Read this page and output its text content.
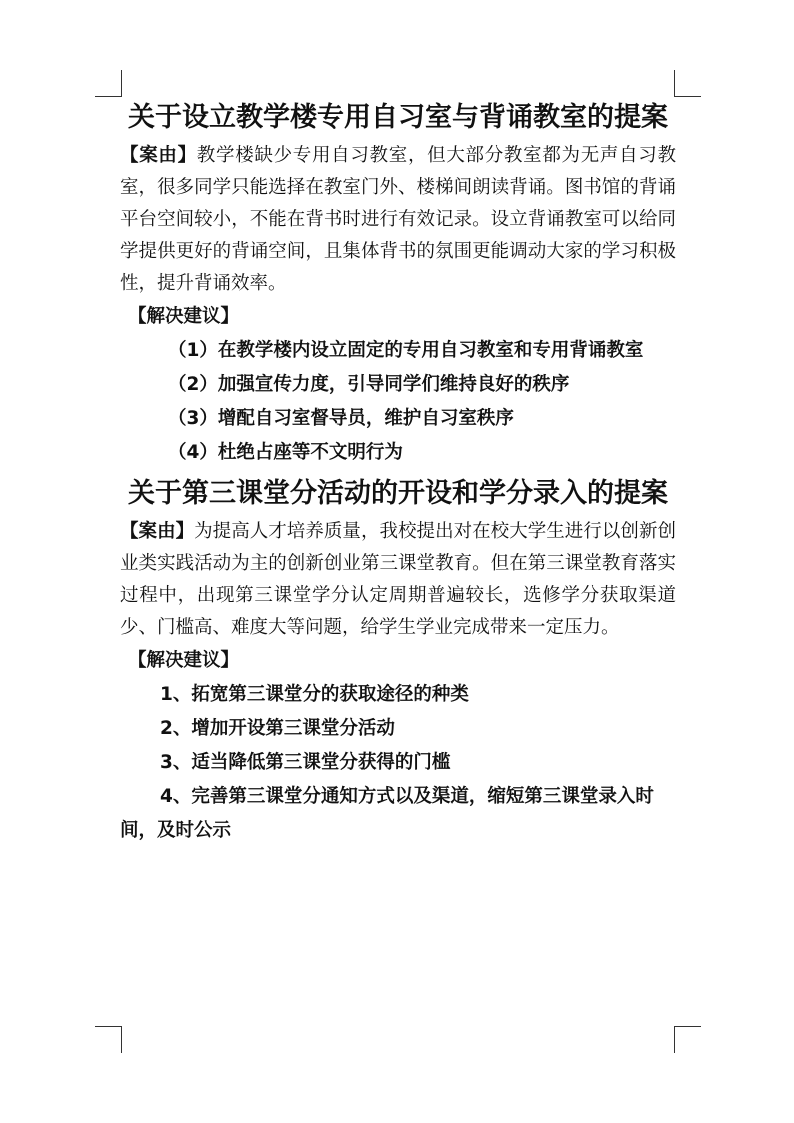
关于设立教学楼专用自习室与背诵教室的提案

【案由】教学楼缺少专用自习教室，但大部分教室都为无声自习教室，很多同学只能选择在教室门外、楼梯间朗读背诵。图书馆的背诵平台空间较小，不能在背书时进行有效记录。设立背诵教室可以给同学提供更好的背诵空间，且集体背书的氛围更能调动大家的学习积极性，提升背诵效率。

【解决建议】

（1）在教学楼内设立固定的专用自习教室和专用背诵教室

（2）加强宣传力度，引导同学们维持良好的秩序

（3）增配自习室督导员，维护自习室秩序

（4）杜绝占座等不文明行为

关于第三课堂分活动的开设和学分录入的提案

【案由】为提高人才培养质量，我校提出对在校大学生进行以创新创业类实践活动为主的创新创业第三课堂教育。但在第三课堂教育落实过程中，出现第三课堂学分认定周期普遍较长，选修学分获取渠道少、门槛高、难度大等问题，给学生学业完成带来一定压力。

【解决建议】

1、拓宽第三课堂分的获取途径的种类

2、增加开设第三课堂分活动

3、适当降低第三课堂分获得的门槛

4、完善第三课堂分通知方式以及渠道，缩短第三课堂录入时间，及时公示
